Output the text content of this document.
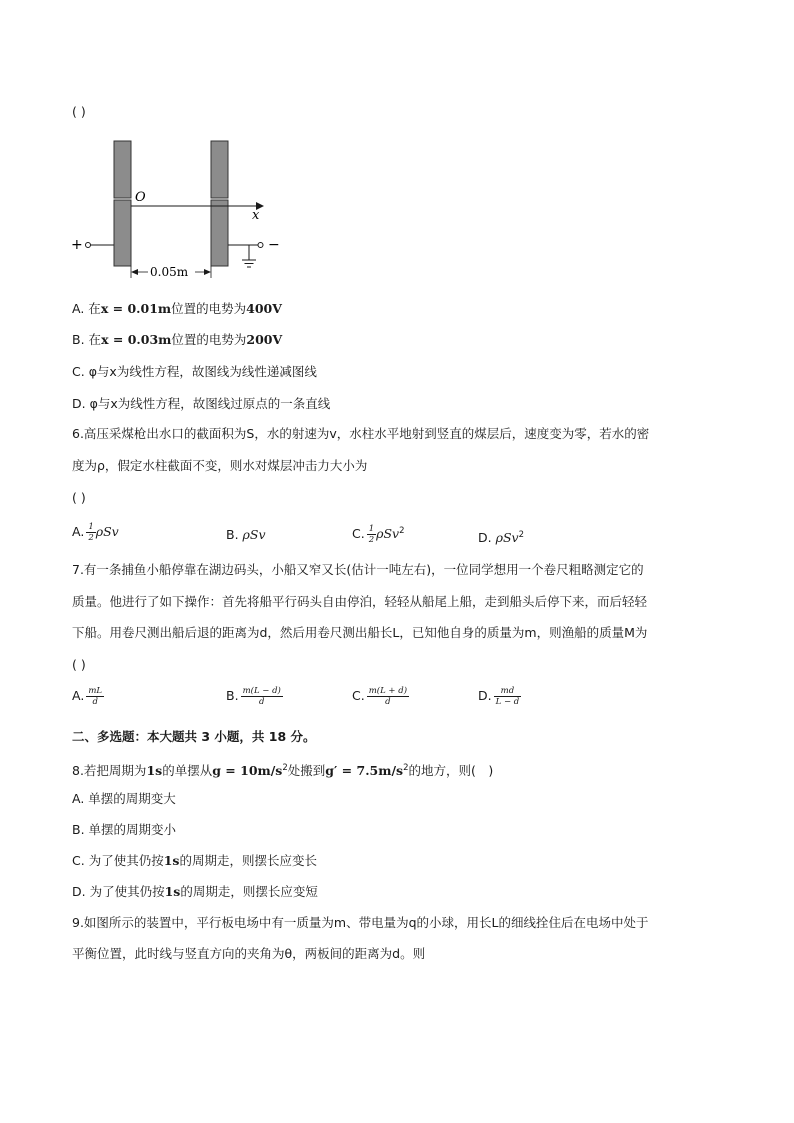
( )
O
x
+	−
0.05m
A. 在x = 0.01m位置的电势为400V
B. 在x = 0.03m位置的电势为200V
C. φ与x为线性方程，故图线为线性递减图线
D. φ与x为线性方程，故图线过原点的一条直线
6.高压采煤枪出水口的截面积为S，水的射速为v，水柱水平地射到竖直的煤层后，速度变为零，若水的密
度为ρ，假定水柱截面不变，则水对煤层冲击力大小为
( )
A. $\frac{1}{2}$ ρSv	B. ρSv	C. $\frac{1}{2} \rho Sv^2$	D. ρSv$^2$
7.有一条捕鱼小船停靠在湖边码头，小船又窄又长(估计一吨左右)，一位同学想用一个卷尺粗略测定它的
质量。他进行了如下操作：首先将船平行码头自由停泊，轻轻从船尾上船，走到船头后停下来，而后轻轻
下船。用卷尺测出船后退的距离为d，然后用卷尺测出船长L，已知他自身的质量为m，则渔船的质量M为
( )
A. $\frac{mL}{d}$	B. $\frac{m(L - d)}{d}$	C. $\frac{m(L + d)}{d}$	D. $\frac{md}{L - d}$
二、多选题：本大题共 3 小题，共 18 分。
8.若把周期为1s的单摆从$g = 10m/s^2$处搬到$g' = 7.5m/s^2$的地方，则(　)
A. 单摆的周期变大
B. 单摆的周期变小
C. 为了使其仍按1s的周期走，则摆长应变长
D. 为了使其仍按1s的周期走，则摆长应变短
9.如图所示的装置中，平行板电场中有一质量为m、带电量为q的小球，用长L的细线拴住后在电场中处于
平衡位置，此时线与竖直方向的夹角为θ，两板间的距离为d。则
